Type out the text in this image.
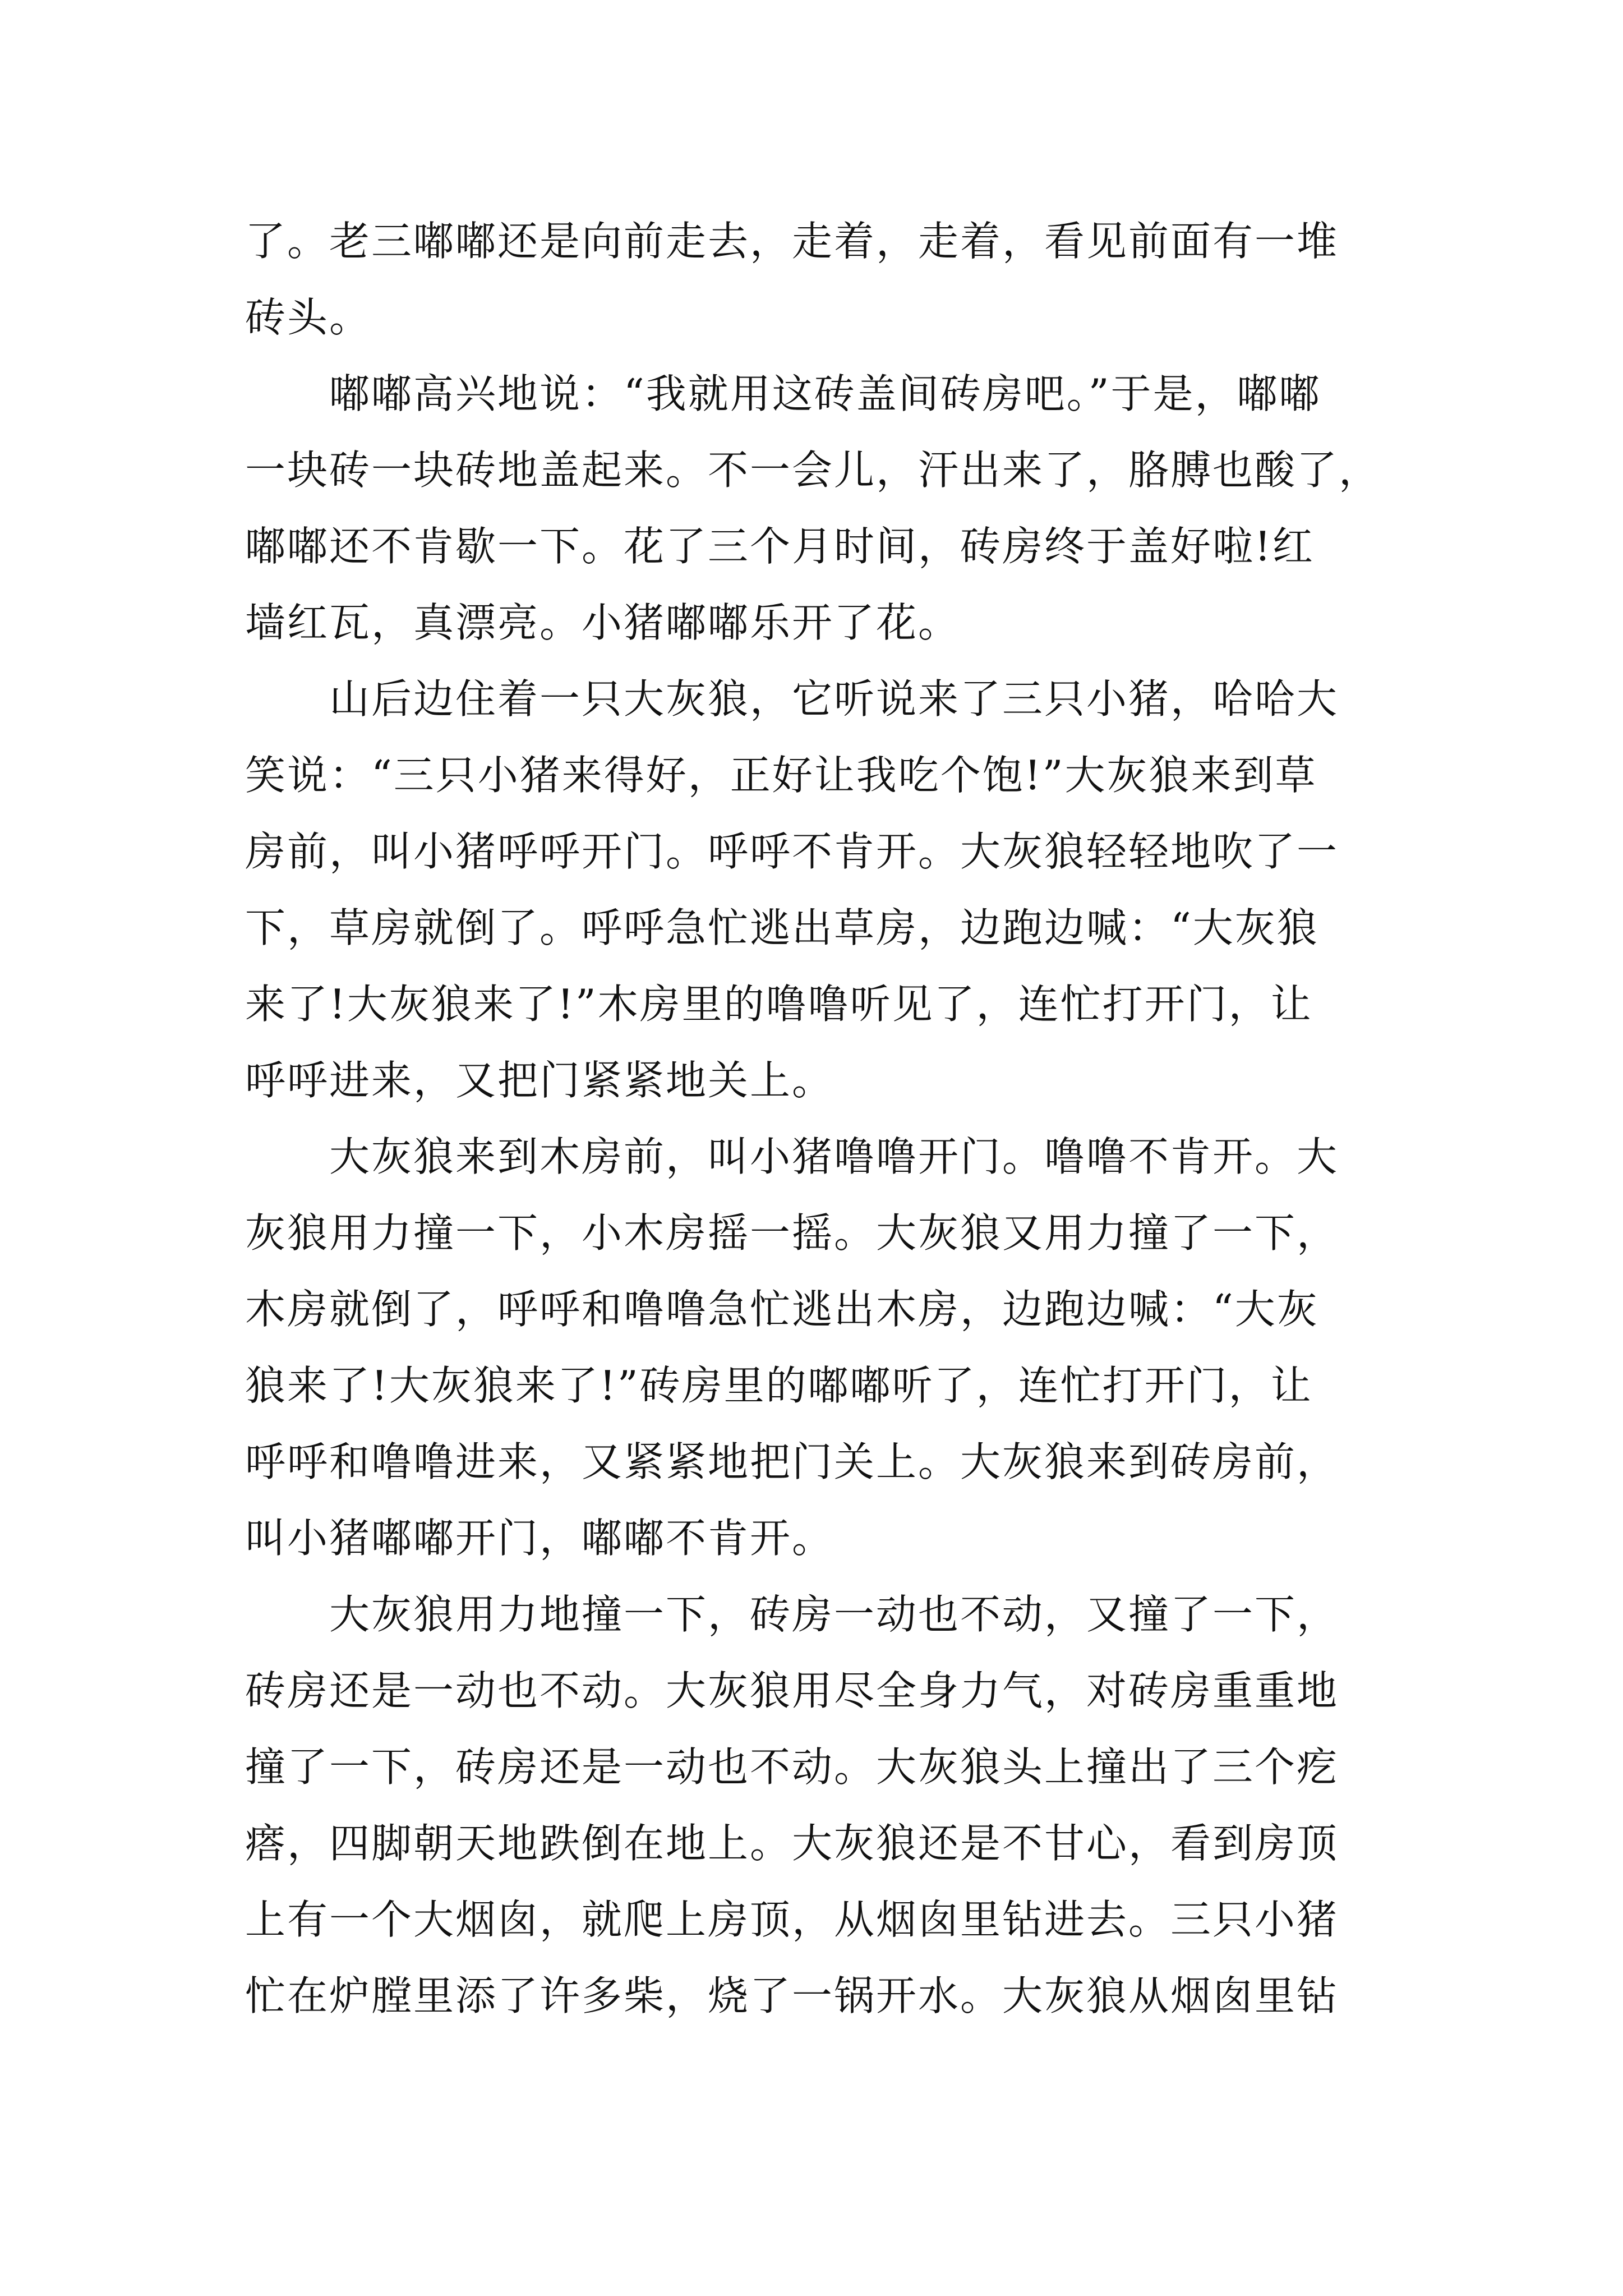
了。老三嘟嘟还是向前走去，走着，走着，看见前面有一堆
砖头。
嘟嘟高兴地说：“我就用这砖盖间砖房吧。”于是，嘟嘟
一块砖一块砖地盖起来。不一会儿，汗出来了，胳膊也酸了，
嘟嘟还不肯歇一下。花了三个月时间，砖房终于盖好啦!红
墙红瓦，真漂亮。小猪嘟嘟乐开了花。
山后边住着一只大灰狼，它听说来了三只小猪，哈哈大
笑说：“三只小猪来得好，正好让我吃个饱!”大灰狼来到草
房前，叫小猪呼呼开门。呼呼不肯开。大灰狼轻轻地吹了一
下，草房就倒了。呼呼急忙逃出草房，边跑边喊：“大灰狼
来了!大灰狼来了!”木房里的噜噜听见了，连忙打开门，让
呼呼进来，又把门紧紧地关上。
大灰狼来到木房前，叫小猪噜噜开门。噜噜不肯开。大
灰狼用力撞一下，小木房摇一摇。大灰狼又用力撞了一下，
木房就倒了，呼呼和噜噜急忙逃出木房，边跑边喊：“大灰
狼来了!大灰狼来了!”砖房里的嘟嘟听了，连忙打开门，让
呼呼和噜噜进来，又紧紧地把门关上。大灰狼来到砖房前，
叫小猪嘟嘟开门，嘟嘟不肯开。
大灰狼用力地撞一下，砖房一动也不动，又撞了一下，
砖房还是一动也不动。大灰狼用尽全身力气，对砖房重重地
撞了一下，砖房还是一动也不动。大灰狼头上撞出了三个疙
瘩，四脚朝天地跌倒在地上。大灰狼还是不甘心，看到房顶
上有一个大烟囱，就爬上房顶，从烟囱里钻进去。三只小猪
忙在炉膛里添了许多柴，烧了一锅开水。大灰狼从烟囱里钻
